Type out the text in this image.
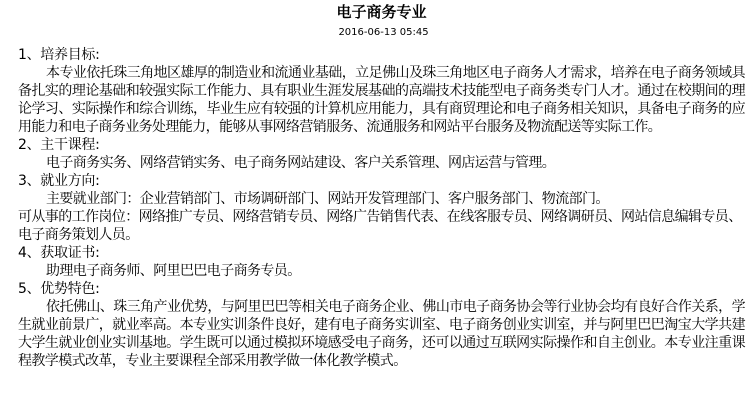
电子商务专业
2016-06-13 05:45
1、培养目标:
本专业依托珠三角地区雄厚的制造业和流通业基础，立足佛山及珠三角地区电子商务人才需求，培养在电子商务领域具备扎实的理论基础和较强实际工作能力、具有职业生涯发展基础的高端技术技能型电子商务类专门人才。通过在校期间的理论学习、实际操作和综合训练，毕业生应有较强的计算机应用能力，具有商贸理论和电子商务相关知识，具备电子商务的应用能力和电子商务业务处理能力，能够从事网络营销服务、流通服务和网站平台服务及物流配送等实际工作。
2、主干课程:
电子商务实务、网络营销实务、电子商务网站建设、客户关系管理、网店运营与管理。
3、就业方向:
主要就业部门：企业营销部门、市场调研部门、网站开发管理部门、客户服务部门、物流部门。
可从事的工作岗位：网络推广专员、网络营销专员、网络广告销售代表、在线客服专员、网络调研员、网站信息编辑专员、电子商务策划人员。
4、获取证书:
助理电子商务师、阿里巴巴电子商务专员。
5、优势特色:
依托佛山、珠三角产业优势，与阿里巴巴等相关电子商务企业、佛山市电子商务协会等行业协会均有良好合作关系，学生就业前景广，就业率高。本专业实训条件良好，建有电子商务实训室、电子商务创业实训室，并与阿里巴巴淘宝大学共建大学生就业创业实训基地。学生既可以通过模拟环境感受电子商务，还可以通过互联网实际操作和自主创业。本专业注重课程教学模式改革，专业主要课程全部采用教学做一体化教学模式。
